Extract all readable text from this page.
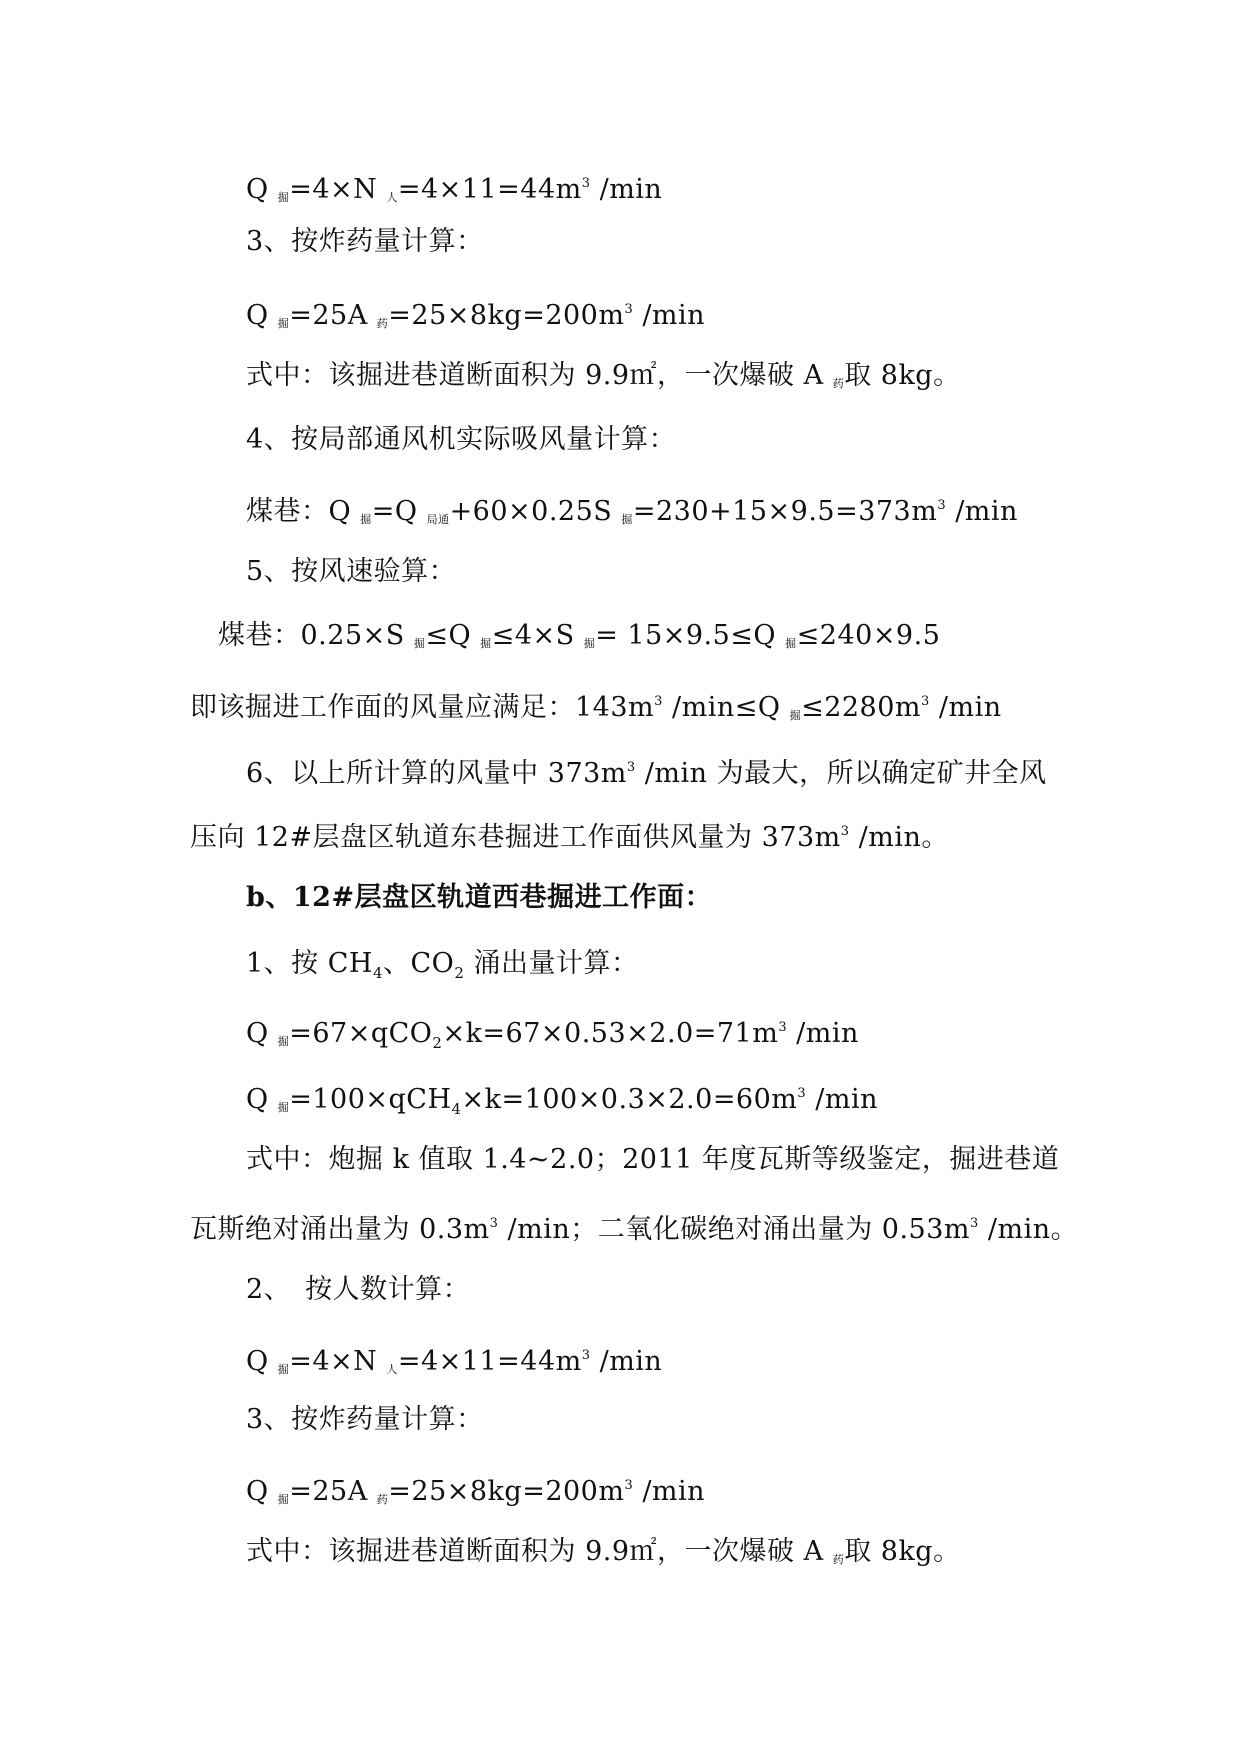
Q $_掘$=4×N $_人=4\times 11=44m^3$ /min
3、按炸药量计算：
Q $_掘$=25A $_药=25\times 8kg=200m^3$ /min
式中：该掘进巷道断面积为 9.9㎡，一次爆破 A $_药$取 8kg。
4、按局部通风机实际吸风量计算：
煤巷：Q $_掘$=Q $_{局通}$+60×0.25S $_掘=230+15\times 9.5=373m^3$ /min
5、按风速验算：
煤巷：0.25×S $_掘$≤Q $_掘$≤4×S $_掘$= 15×9.5≤Q $_掘$≤240×9.5
即该掘进工作面的风量应满足：$143m^3$ /min≤Q $_掘\le 2280m^3$ /min
6、以上所计算的风量中 $373m^3$ /min 为最大，所以确定矿井全风
压向 12#层盘区轨道东巷掘进工作面供风量为 $373m^3$ /min。
b、12#层盘区轨道西巷掘进工作面：
1、按 $CH_4$、$CO_2$ 涌出量计算：
Q $_掘=67\times qCO_2\times k=67\times 0.53\times 2.0=71m^3$ /min
Q $_掘=100\times qCH_4\times k=100\times 0.3\times 2.0=60m^3$ /min
式中：炮掘 k 值取 1.4~2.0；2011 年度瓦斯等级鉴定，掘进巷道
瓦斯绝对涌出量为 $0.3m^3$ /min；二氧化碳绝对涌出量为 $0.53m^3$ /min。
2、　按人数计算：
Q $_掘$=4×N $_人=4\times 11=44m^3$ /min
3、按炸药量计算：
Q $_掘$=25A $_药=25\times 8kg=200m^3$ /min
式中：该掘进巷道断面积为 9.9㎡，一次爆破 A $_药$取 8kg。
